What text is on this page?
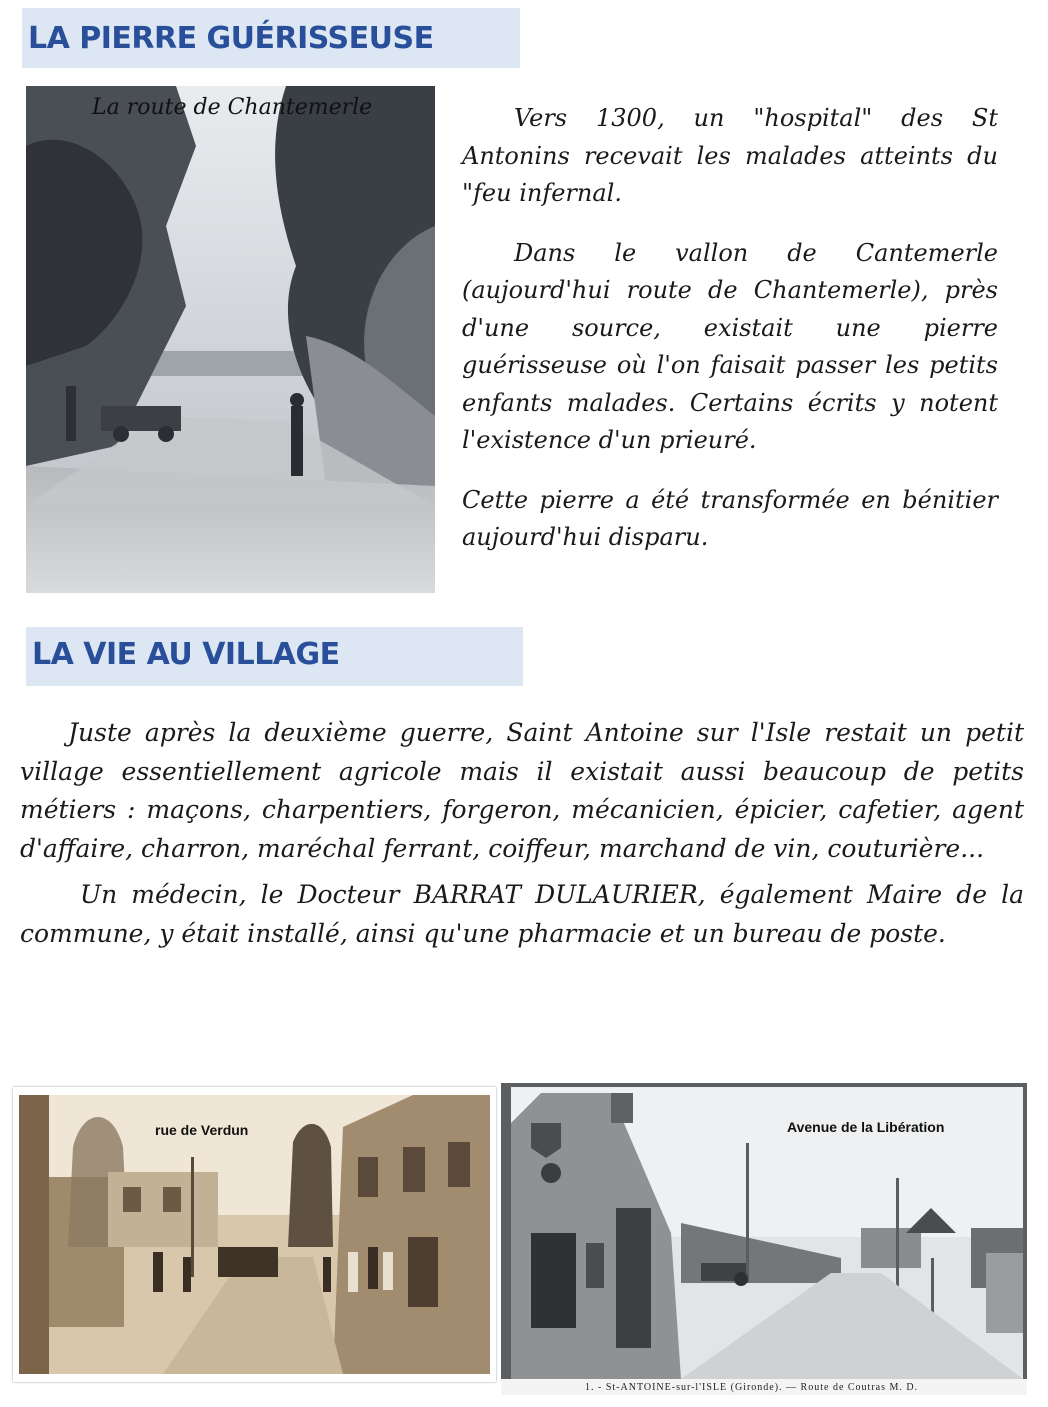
LA PIERRE GUÉRISSEUSE
La route de Chantemerle	Vers 1300, un "hospital" des St Antonins recevait les malades atteints du "feu infernal.

Dans le vallon de Cantemerle (aujourd'hui route de Chantemerle), près d'une source, existait une pierre guérisseuse où l'on faisait passer les petits enfants malades. Certains écrits y notent l'existence d'un prieuré.

Cette pierre a été transformée en bénitier aujourd'hui disparu.

LA VIE AU VILLAGE

Juste après la deuxième guerre, Saint Antoine sur l'Isle restait un petit village essentiellement agricole mais il existait aussi beaucoup de petits métiers : maçons, charpentiers, forgeron, mécanicien, épicier, cafetier, agent d'affaire, charron, maréchal ferrant, coiffeur, marchand de vin, couturière...

Un médecin, le Docteur BARRAT DULAURIER, également Maire de la commune, y était installé, ainsi qu'une pharmacie et un bureau de poste.

rue de Verdun	Avenue de la Libération
1. - St-ANTOINE-sur-l'ISLE (Gironde). — Route de Coutras M. D.
